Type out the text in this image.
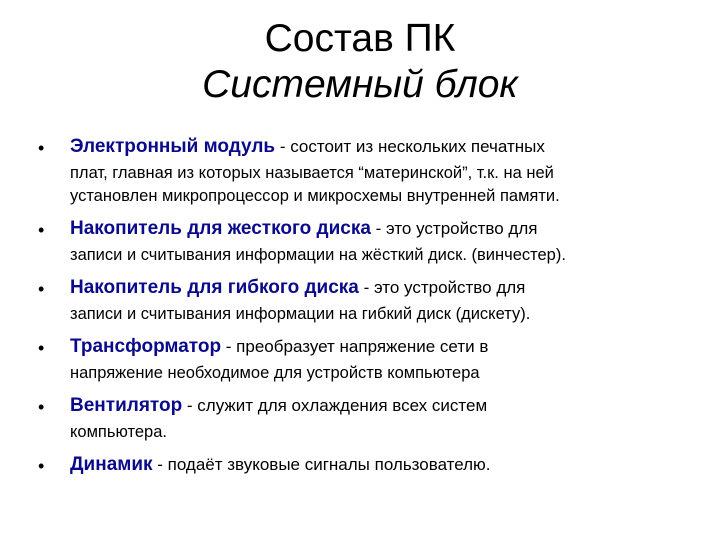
Состав ПК
Системный блок
• Электронный модуль - состоит из нескольких печатных
плат, главная из которых называется “материнской”, т.к. на ней
установлен микропроцессор и микросхемы внутренней памяти.
• Накопитель для жесткого диска - это устройство для
записи и считывания информации на жёсткий диск. (винчестер).
• Накопитель для гибкого диска - это устройство для
записи и считывания информации на гибкий диск (дискету).
• Трансформатор - преобразует напряжение сети в
напряжение необходимое для устройств компьютера
• Вентилятор - служит для охлаждения всех систем
компьютера.
• Динамик - подаёт звуковые сигналы пользователю.
